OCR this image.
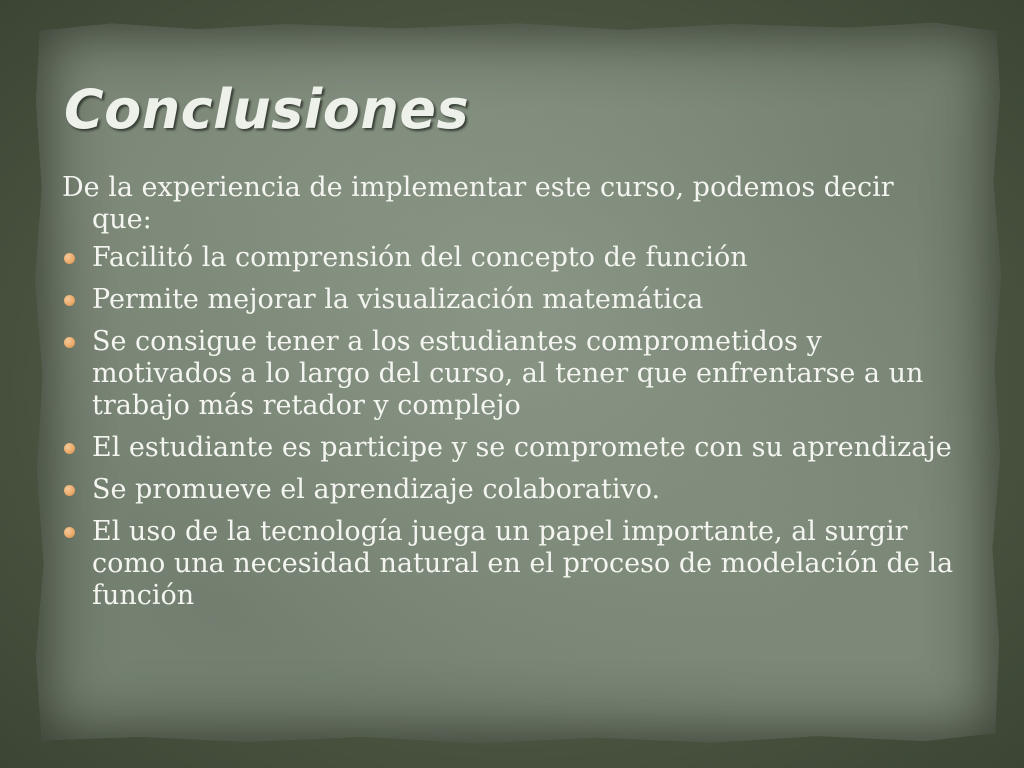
Conclusiones

De la experiencia de implementar este curso, podemos decir
que:

Facilitó la comprensión del concepto de función
Permite mejorar la visualización matemática
Se consigue tener a los estudiantes comprometidos y motivados a lo largo del curso, al tener que enfrentarse a un trabajo más retador y complejo
El estudiante es participe y se compromete con su aprendizaje
Se promueve el aprendizaje colaborativo.
El uso de la tecnología juega un papel importante, al surgir como una necesidad natural en el proceso de modelación de la función
